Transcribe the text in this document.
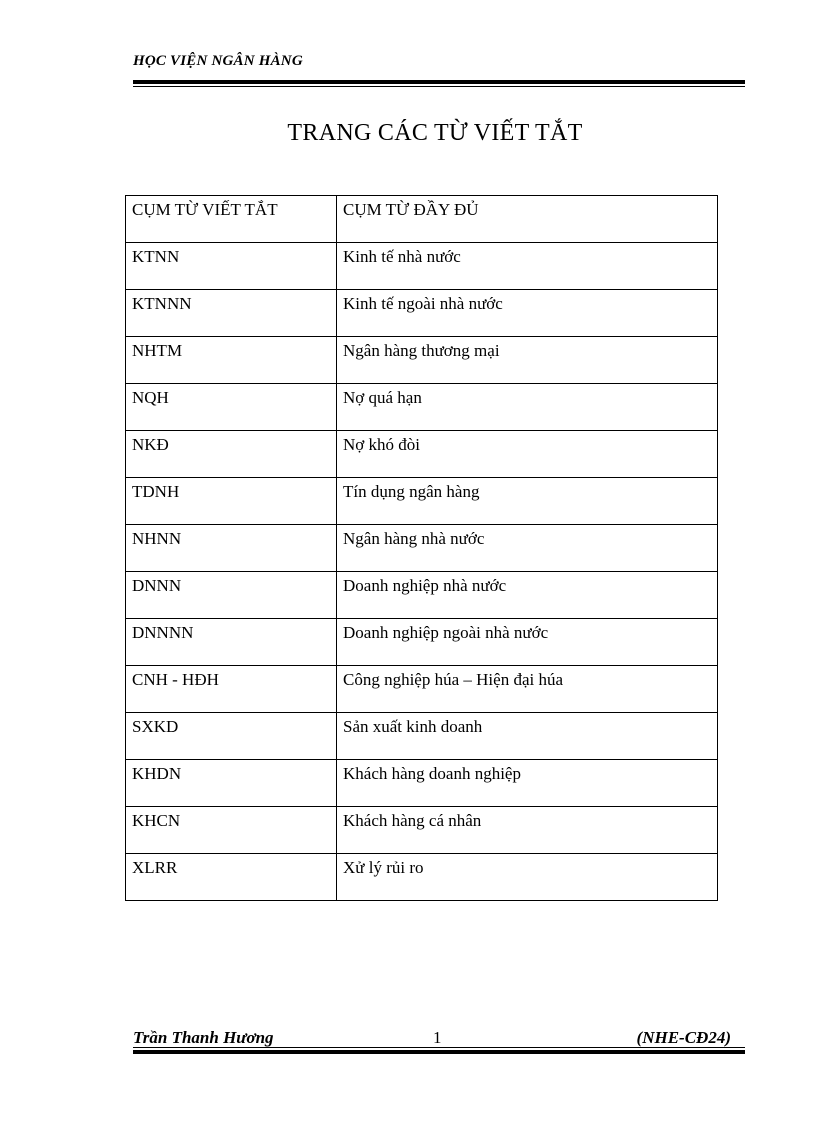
HỌC VIỆN NGÂN HÀNG
TRANG CÁC TỪ VIẾT TẮT
CỤM TỪ VIẾT TẮT	CỤM TỪ ĐẦY ĐỦ
KTNN	Kinh tế nhà nước
KTNNN	Kinh tế ngoài nhà nước
NHTM	Ngân hàng thương mại
NQH	Nợ quá hạn
NKĐ	Nợ khó đòi
TDNH	Tín dụng ngân hàng
NHNN	Ngân hàng nhà nước
DNNN	Doanh nghiệp nhà nước
DNNNN	Doanh nghiệp ngoài nhà nước
CNH - HĐH	Công nghiệp húa – Hiện đại húa
SXKD	Sản xuất kinh doanh
KHDN	Khách hàng doanh nghiệp
KHCN	Khách hàng cá nhân
XLRR	Xử lý rủi ro
Trần Thanh Hương	1	(NHE-CĐ24)
